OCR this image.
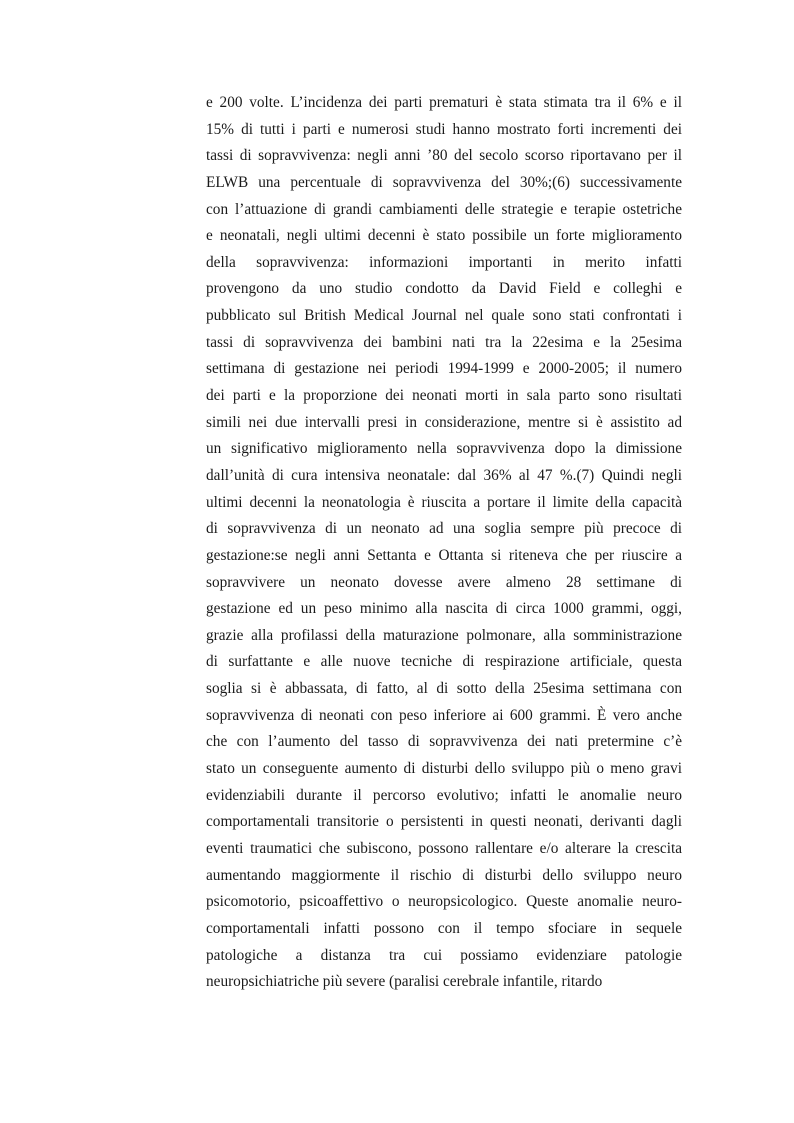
e 200 volte. L’incidenza dei parti prematuri è stata stimata tra il 6% e il
15% di tutti i parti e numerosi studi hanno mostrato forti incrementi dei
tassi di sopravvivenza: negli anni ’80 del secolo scorso riportavano per il
ELWB una percentuale di sopravvivenza del 30%;(6) successivamente
con l’attuazione di grandi cambiamenti delle strategie e terapie ostetriche
e neonatali, negli ultimi decenni è stato possibile un forte miglioramento
della sopravvivenza: informazioni importanti in merito infatti
provengono da uno studio condotto da David Field e colleghi e
pubblicato sul British Medical Journal nel quale sono stati confrontati i
tassi di sopravvivenza dei bambini nati tra la 22esima e la 25esima
settimana di gestazione nei periodi 1994-1999 e 2000-2005; il numero
dei parti e la proporzione dei neonati morti in sala parto sono risultati
simili nei due intervalli presi in considerazione, mentre si è assistito ad
un significativo miglioramento nella sopravvivenza dopo la dimissione
dall’unità di cura intensiva neonatale: dal 36% al 47 %.(7) Quindi negli
ultimi decenni la neonatologia è riuscita a portare il limite della capacità
di sopravvivenza di un neonato ad una soglia sempre più precoce di
gestazione:se negli anni Settanta e Ottanta si riteneva che per riuscire a
sopravvivere un neonato dovesse avere almeno 28 settimane di
gestazione ed un peso minimo alla nascita di circa 1000 grammi, oggi,
grazie alla profilassi della maturazione polmonare, alla somministrazione
di surfattante e alle nuove tecniche di respirazione artificiale, questa
soglia si è abbassata, di fatto, al di sotto della 25esima settimana con
sopravvivenza di neonati con peso inferiore ai 600 grammi. È vero anche
che con l’aumento del tasso di sopravvivenza dei nati pretermine c’è
stato un conseguente aumento di disturbi dello sviluppo più o meno gravi
evidenziabili durante il percorso evolutivo; infatti le anomalie neuro
comportamentali transitorie o persistenti in questi neonati, derivanti dagli
eventi traumatici che subiscono, possono rallentare e/o alterare la crescita
aumentando maggiormente il rischio di disturbi dello sviluppo neuro
psicomotorio, psicoaffettivo o neuropsicologico. Queste anomalie neuro-
comportamentali infatti possono con il tempo sfociare in sequele
patologiche a distanza tra cui possiamo evidenziare patologie
neuropsichiatriche più severe (paralisi cerebrale infantile, ritardo
